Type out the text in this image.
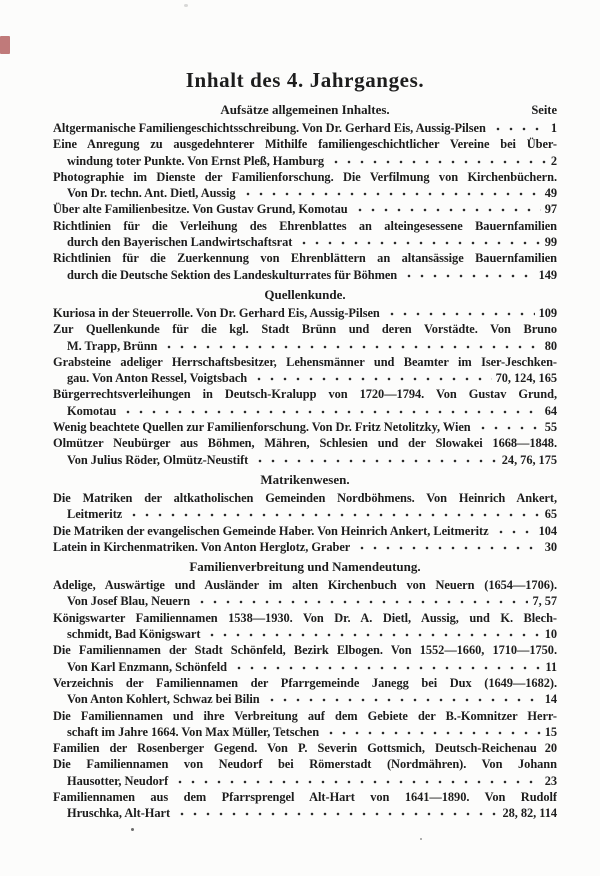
Inhalt des 4. Jahrganges.
Aufsätze allgemeinen Inhaltes.	Seite
Altgermanische Familiengeschichtsschreibung. Von Dr. Gerhard Eis, Aussig-Pilsen	1
Eine Anregung zu ausgedehnterer Mithilfe familiengeschichtlicher Vereine bei Über-
windung toter Punkte. Von Ernst Pleß, Hamburg	2
Photographie im Dienste der Familienforschung. Die Verfilmung von Kirchenbüchern.
Von Dr. techn. Ant. Dietl, Aussig	49
Über alte Familienbesitze. Von Gustav Grund, Komotau	97
Richtlinien für die Verleihung des Ehrenblattes an alteingesessene Bauernfamilien
durch den Bayerischen Landwirtschaftsrat	99
Richtlinien für die Zuerkennung von Ehrenblättern an altansässige Bauernfamilien
durch die Deutsche Sektion des Landeskulturrates für Böhmen	149
Quellenkunde.
Kuriosa in der Steuerrolle. Von Dr. Gerhard Eis, Aussig-Pilsen	109
Zur Quellenkunde für die kgl. Stadt Brünn und deren Vorstädte. Von Bruno
M. Trapp, Brünn	80
Grabsteine adeliger Herrschaftsbesitzer, Lehensmänner und Beamter im Iser-Jeschken-
gau. Von Anton Ressel, Voigtsbach	70, 124, 165
Bürgerrechtsverleihungen in Deutsch-Kralupp von 1720—1794. Von Gustav Grund,
Komotau	64
Wenig beachtete Quellen zur Familienforschung. Von Dr. Fritz Netolitzky, Wien	55
Olmützer Neubürger aus Böhmen, Mähren, Schlesien und der Slowakei 1668—1848.
Von Julius Röder, Olmütz-Neustift	24, 76, 175
Matrikenwesen.
Die Matriken der altkatholischen Gemeinden Nordböhmens. Von Heinrich Ankert,
Leitmeritz	65
Die Matriken der evangelischen Gemeinde Haber. Von Heinrich Ankert, Leitmeritz	104
Latein in Kirchenmatriken. Von Anton Herglotz, Graber	30
Familienverbreitung und Namendeutung.
Adelige, Auswärtige und Ausländer im alten Kirchenbuch von Neuern (1654—1706).
Von Josef Blau, Neuern	7, 57
Königswarter Familiennamen 1538—1930. Von Dr. A. Dietl, Aussig, und K. Blech-
schmidt, Bad Königswart	10
Die Familiennamen der Stadt Schönfeld, Bezirk Elbogen. Von 1552—1660, 1710—1750.
Von Karl Enzmann, Schönfeld	11
Verzeichnis der Familiennamen der Pfarrgemeinde Janegg bei Dux (1649—1682).
Von Anton Kohlert, Schwaz bei Bilin	14
Die Familiennamen und ihre Verbreitung auf dem Gebiete der B.-Komnitzer Herr-
schaft im Jahre 1664. Von Max Müller, Tetschen	15
Familien der Rosenberger Gegend. Von P. Severin Gottsmich, Deutsch-Reichenau 20
Die Familiennamen von Neudorf bei Römerstadt (Nordmähren). Von Johann
Hausotter, Neudorf	23
Familiennamen aus dem Pfarrsprengel Alt-Hart von 1641—1890. Von Rudolf
Hruschka, Alt-Hart	28, 82, 114
